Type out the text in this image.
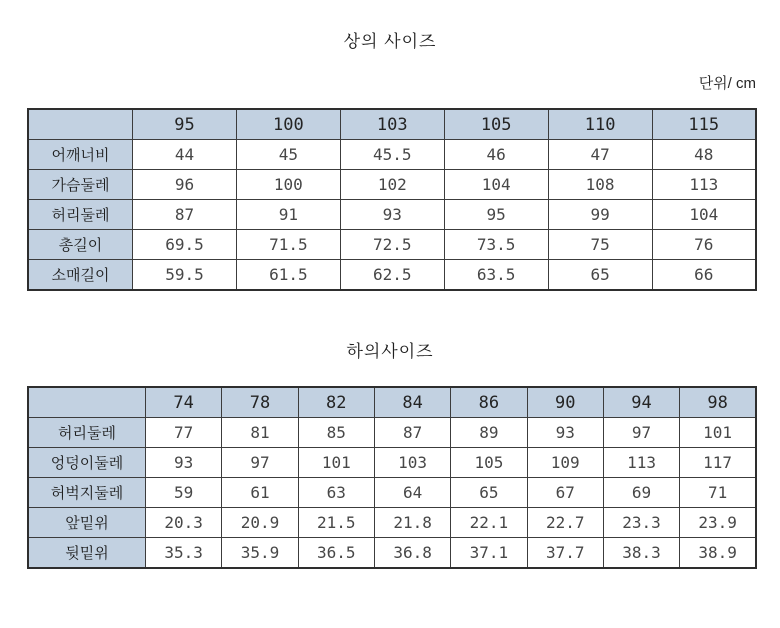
상의 사이즈
단위/ cm
	95	100	103	105	110	115
어깨너비	44	45	45.5	46	47	48
가슴둘레	96	100	102	104	108	113
허리둘레	87	91	93	95	99	104
총길이	69.5	71.5	72.5	73.5	75	76
소매길이	59.5	61.5	62.5	63.5	65	66
하의사이즈
	74	78	82	84	86	90	94	98
허리둘레	77	81	85	87	89	93	97	101
엉덩이둘레	93	97	101	103	105	109	113	117
허벅지둘레	59	61	63	64	65	67	69	71
앞밑위	20.3	20.9	21.5	21.8	22.1	22.7	23.3	23.9
뒷밑위	35.3	35.9	36.5	36.8	37.1	37.7	38.3	38.9
